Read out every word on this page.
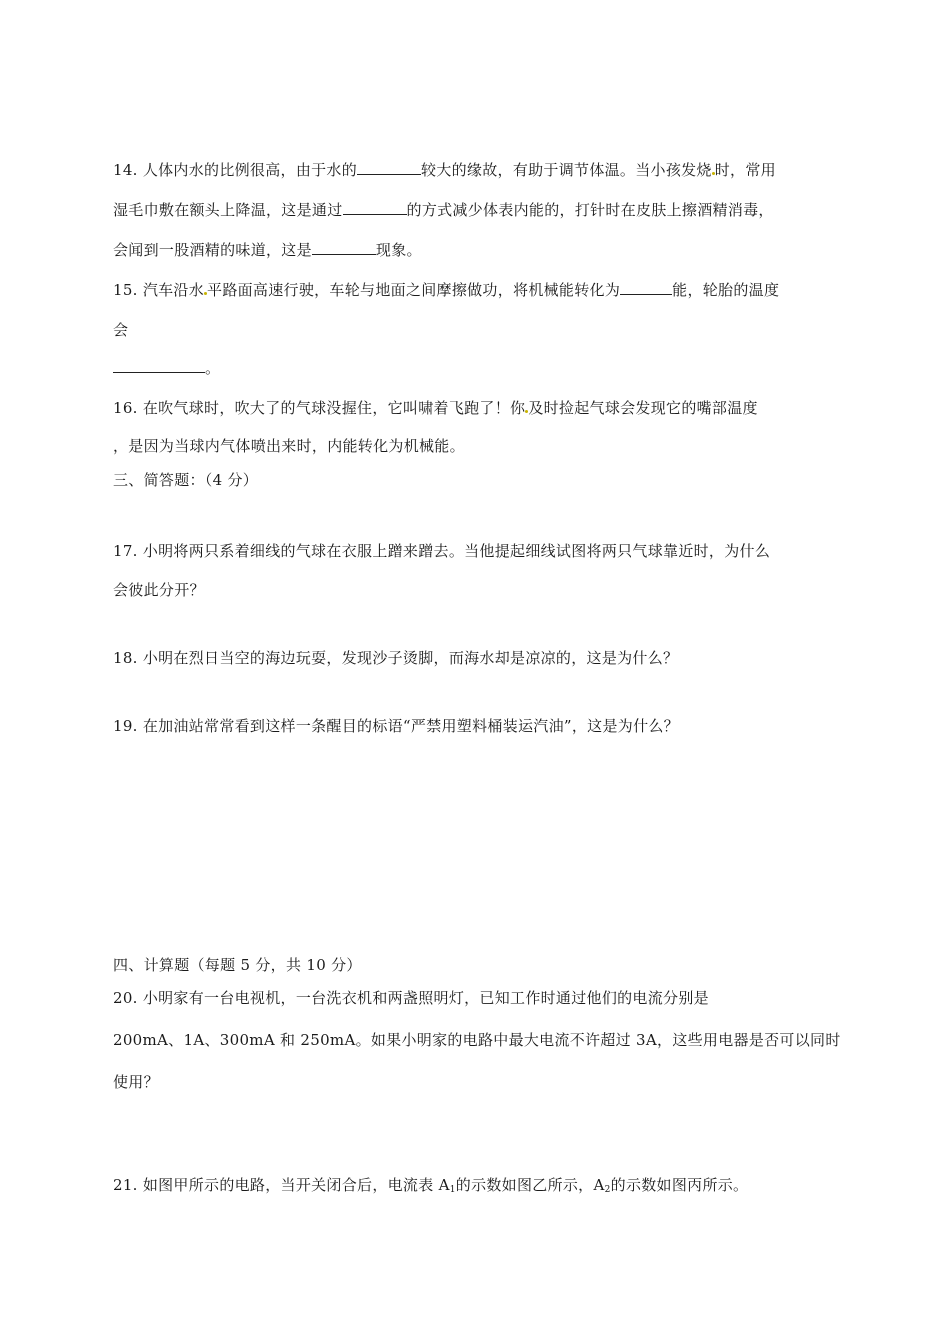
14. 人体内水的比例很高，由于水的	较大的缘故，有助于调节体温。当小孩发烧 时，常用
湿毛巾敷在额头上降温，这是通过	的方式减少体表内能的，打针时在皮肤上擦酒精消毒，
会闻到一股酒精的味道，这是	现象。
15. 汽车沿水 平路面高速行驶，车轮与地面之间摩擦做功，将机械能转化为	能，轮胎的温度
会
。
16. 在吹气球时，吹大了的气球没握住，它叫啸着飞跑了！你 及时捡起气球会发现它的嘴部温度
，是因为当球内气体喷出来时，内能转化为机械能。
三、简答题：（4 分）
17. 小明将两只系着细线的气球在衣服上蹭来蹭去。当他提起细线试图将两只气球靠近时，为什么
会彼此分开？
18. 小明在烈日当空的海边玩耍，发现沙子烫脚，而海水却是凉凉的，这是为什么？
19. 在加油站常常看到这样一条醒目的标语“严禁用塑料桶装运汽油”，这是为什么？
四、计算题（每题 5 分，共 10 分）
20. 小明家有一台电视机，一台洗衣机和两盏照明灯，已知工作时通过他们的电流分别是
200mA、1A、300mA 和 250mA。如果小明家的电路中最大电流不许超过 3A，这些用电器是否可以同时
使用？
21. 如图甲所示的电路，当开关闭合后，电流表 $A_1$的示数如图乙所示，$A_2$的示数如图丙所示。
